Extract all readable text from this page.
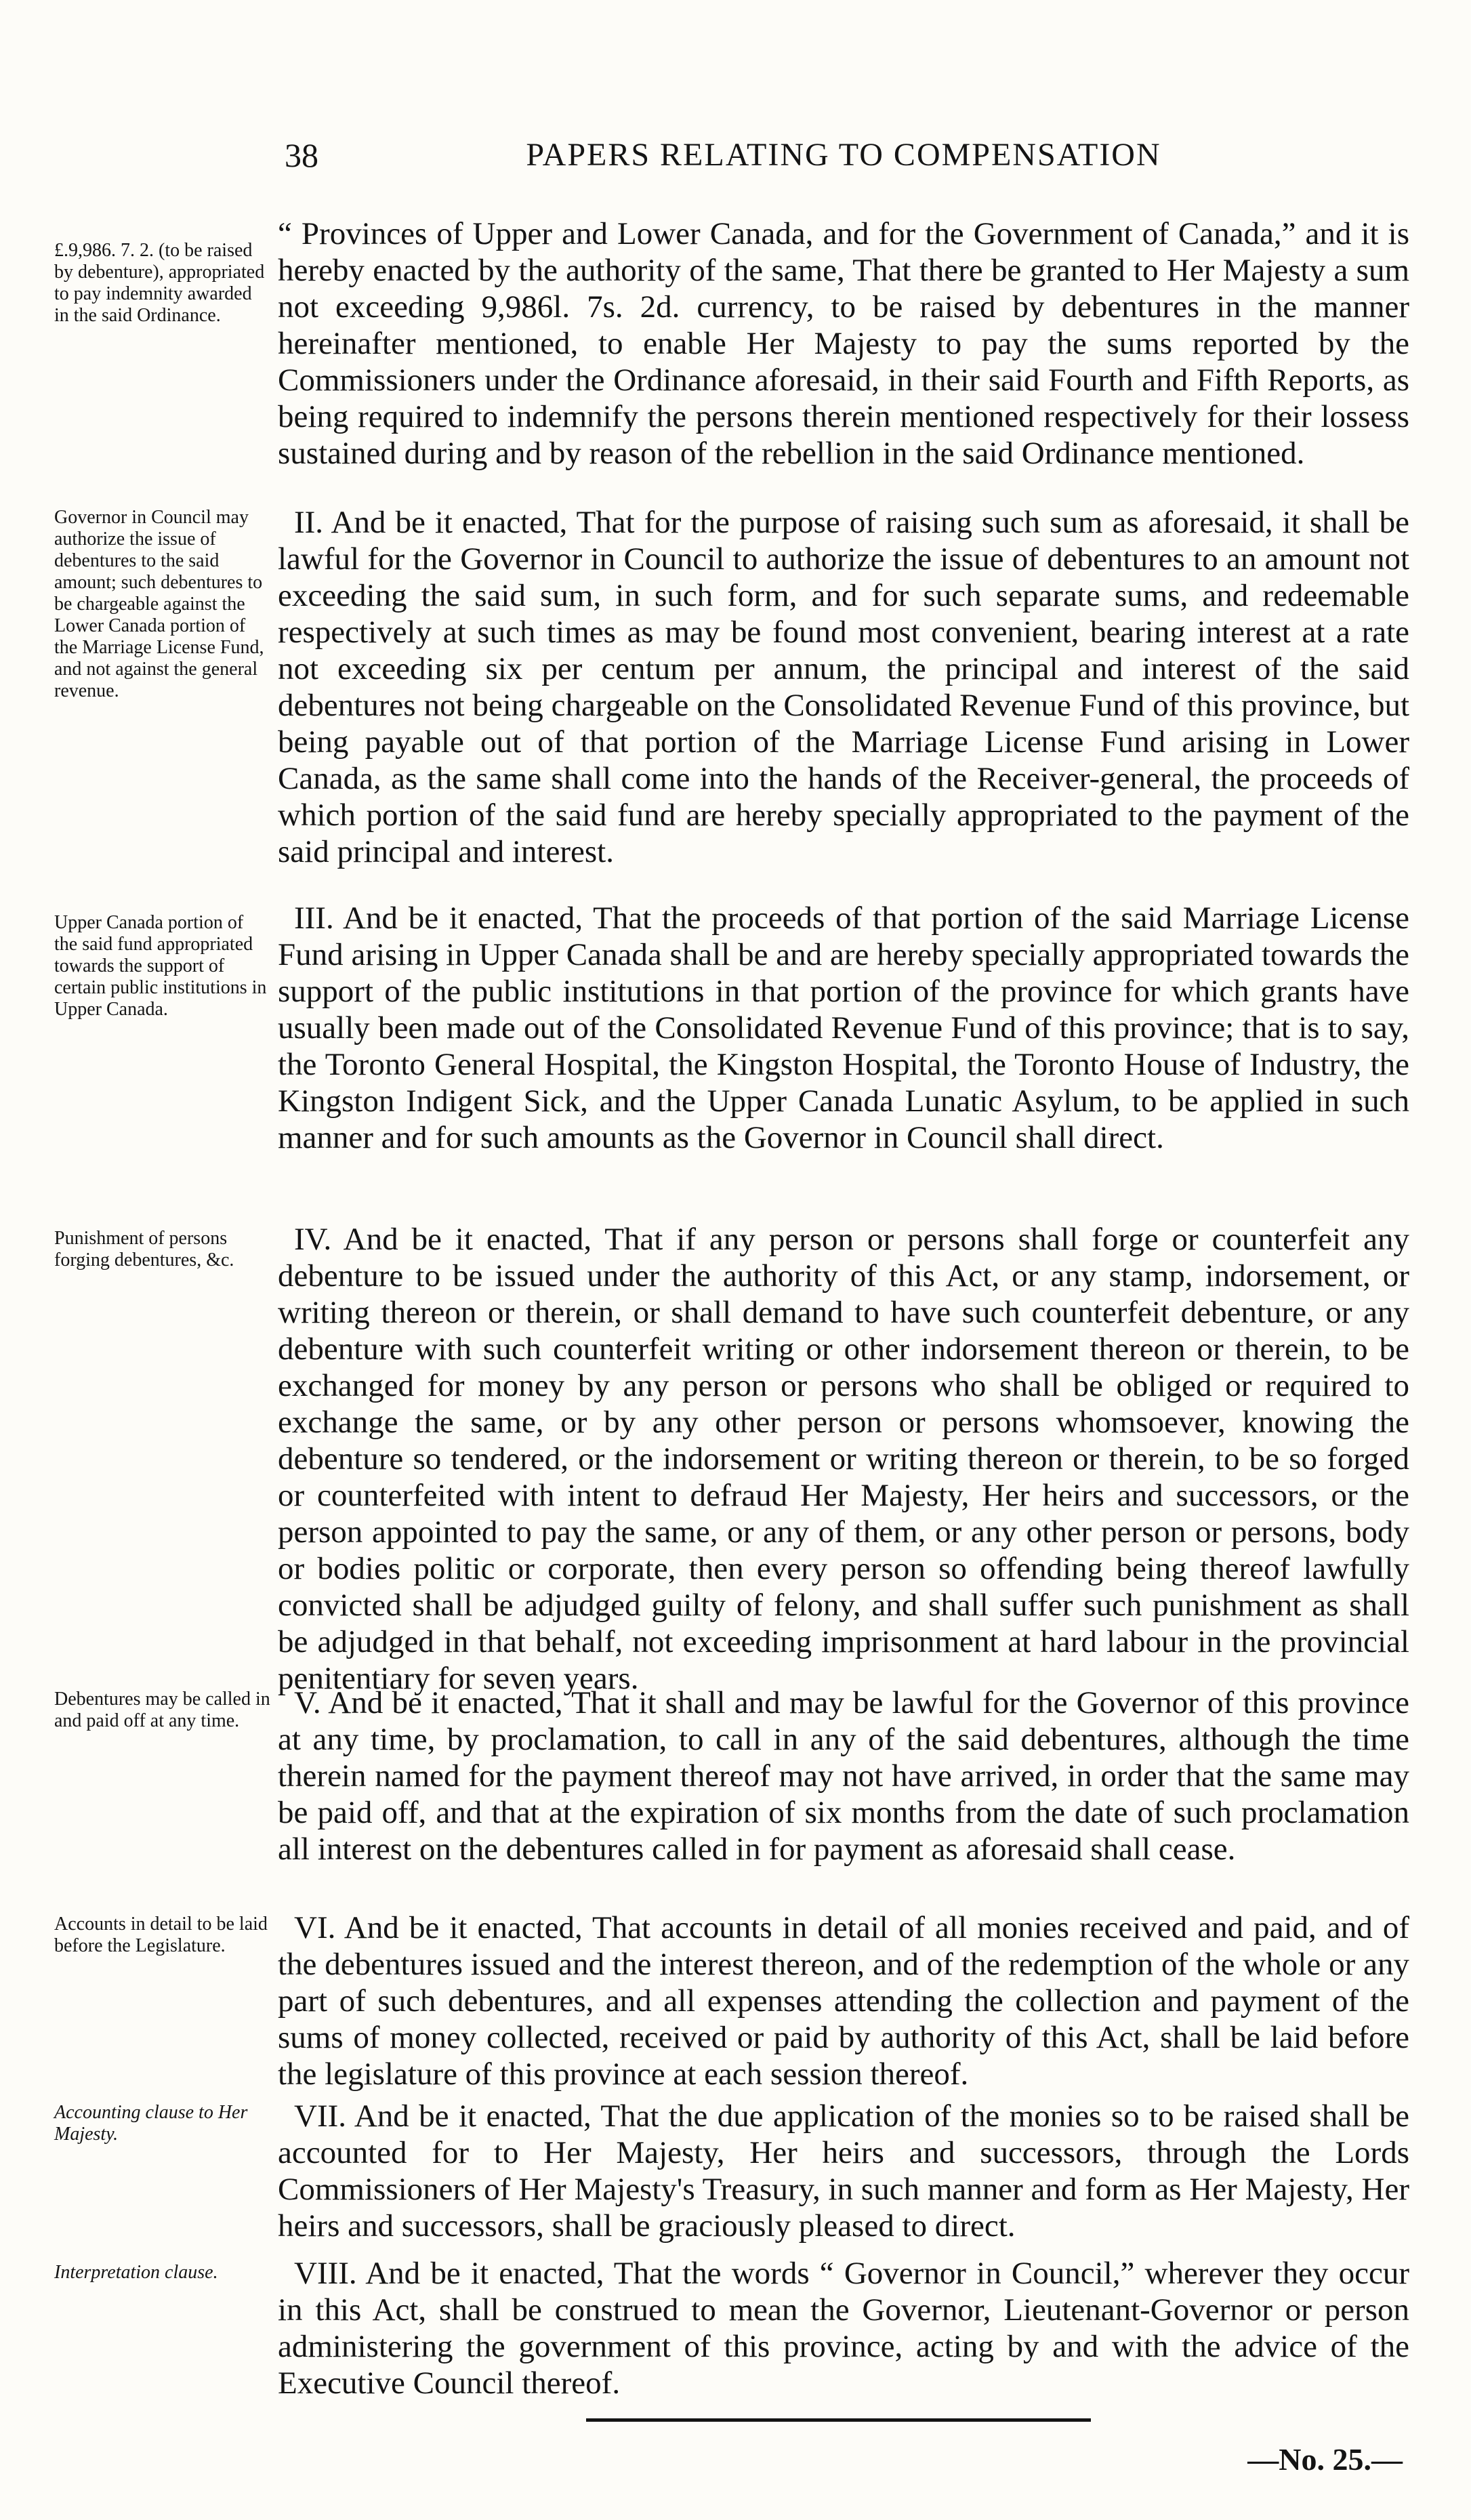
38	PAPERS RELATING TO COMPENSATION
£.9,986. 7. 2. (to be raised by debenture), appropriated to pay indemnity awarded in the said Ordinance.
“ Provinces of Upper and Lower Canada, and for the Government of Canada,” and it is hereby enacted by the authority of the same, That there be granted to Her Majesty a sum not exceeding 9,986l. 7s. 2d. currency, to be raised by debentures in the manner hereinafter mentioned, to enable Her Majesty to pay the sums reported by the Commissioners under the Ordinance aforesaid, in their said Fourth and Fifth Reports, as being required to indemnify the persons therein mentioned respectively for their lossess sustained during and by reason of the rebellion in the said Ordinance mentioned.
Governor in Council may authorize the issue of debentures to the said amount; such debentures to be chargeable against the Lower Canada portion of the Marriage License Fund, and not against the general revenue.
II. And be it enacted, That for the purpose of raising such sum as aforesaid, it shall be lawful for the Governor in Council to authorize the issue of debentures to an amount not exceeding the said sum, in such form, and for such separate sums, and redeemable respectively at such times as may be found most convenient, bearing interest at a rate not exceeding six per centum per annum, the principal and interest of the said debentures not being chargeable on the Consolidated Revenue Fund of this province, but being payable out of that portion of the Marriage License Fund arising in Lower Canada, as the same shall come into the hands of the Receiver-general, the proceeds of which portion of the said fund are hereby specially appropriated to the payment of the said principal and interest.
Upper Canada portion of the said fund appropriated towards the support of certain public institutions in Upper Canada.
III. And be it enacted, That the proceeds of that portion of the said Marriage License Fund arising in Upper Canada shall be and are hereby specially appropriated towards the support of the public institutions in that portion of the province for which grants have usually been made out of the Consolidated Revenue Fund of this province; that is to say, the Toronto General Hospital, the Kingston Hospital, the Toronto House of Industry, the Kingston Indigent Sick, and the Upper Canada Lunatic Asylum, to be applied in such manner and for such amounts as the Governor in Council shall direct.
Punishment of persons forging debentures, &c.
IV. And be it enacted, That if any person or persons shall forge or counterfeit any debenture to be issued under the authority of this Act, or any stamp, indorsement, or writing thereon or therein, or shall demand to have such counterfeit debenture, or any debenture with such counterfeit writing or other indorsement thereon or therein, to be exchanged for money by any person or persons who shall be obliged or required to exchange the same, or by any other person or persons whomsoever, knowing the debenture so tendered, or the indorsement or writing thereon or therein, to be so forged or counterfeited with intent to defraud Her Majesty, Her heirs and successors, or the person appointed to pay the same, or any of them, or any other person or persons, body or bodies politic or corporate, then every person so offending being thereof lawfully convicted shall be adjudged guilty of felony, and shall suffer such punishment as shall be adjudged in that behalf, not exceeding imprisonment at hard labour in the provincial penitentiary for seven years.
Debentures may be called in and paid off at any time.
V. And be it enacted, That it shall and may be lawful for the Governor of this province at any time, by proclamation, to call in any of the said debentures, although the time therein named for the payment thereof may not have arrived, in order that the same may be paid off, and that at the expiration of six months from the date of such proclamation all interest on the debentures called in for payment as aforesaid shall cease.
Accounts in detail to be laid before the Legislature.
VI. And be it enacted, That accounts in detail of all monies received and paid, and of the debentures issued and the interest thereon, and of the redemption of the whole or any part of such debentures, and all expenses attending the collection and payment of the sums of money collected, received or paid by authority of this Act, shall be laid before the legislature of this province at each session thereof.
Accounting clause to Her Majesty.
VII. And be it enacted, That the due application of the monies so to be raised shall be accounted for to Her Majesty, Her heirs and successors, through the Lords Commissioners of Her Majesty's Treasury, in such manner and form as Her Majesty, Her heirs and successors, shall be graciously pleased to direct.
Interpretation clause.	VIII. And be it enacted, That the words “ Governor in Council,” wherever they occur in this Act, shall be construed to mean the Governor, Lieutenant-Governor or person administering the government of this province, acting by and with the advice of the Executive Council thereof.
—No. 25.—
